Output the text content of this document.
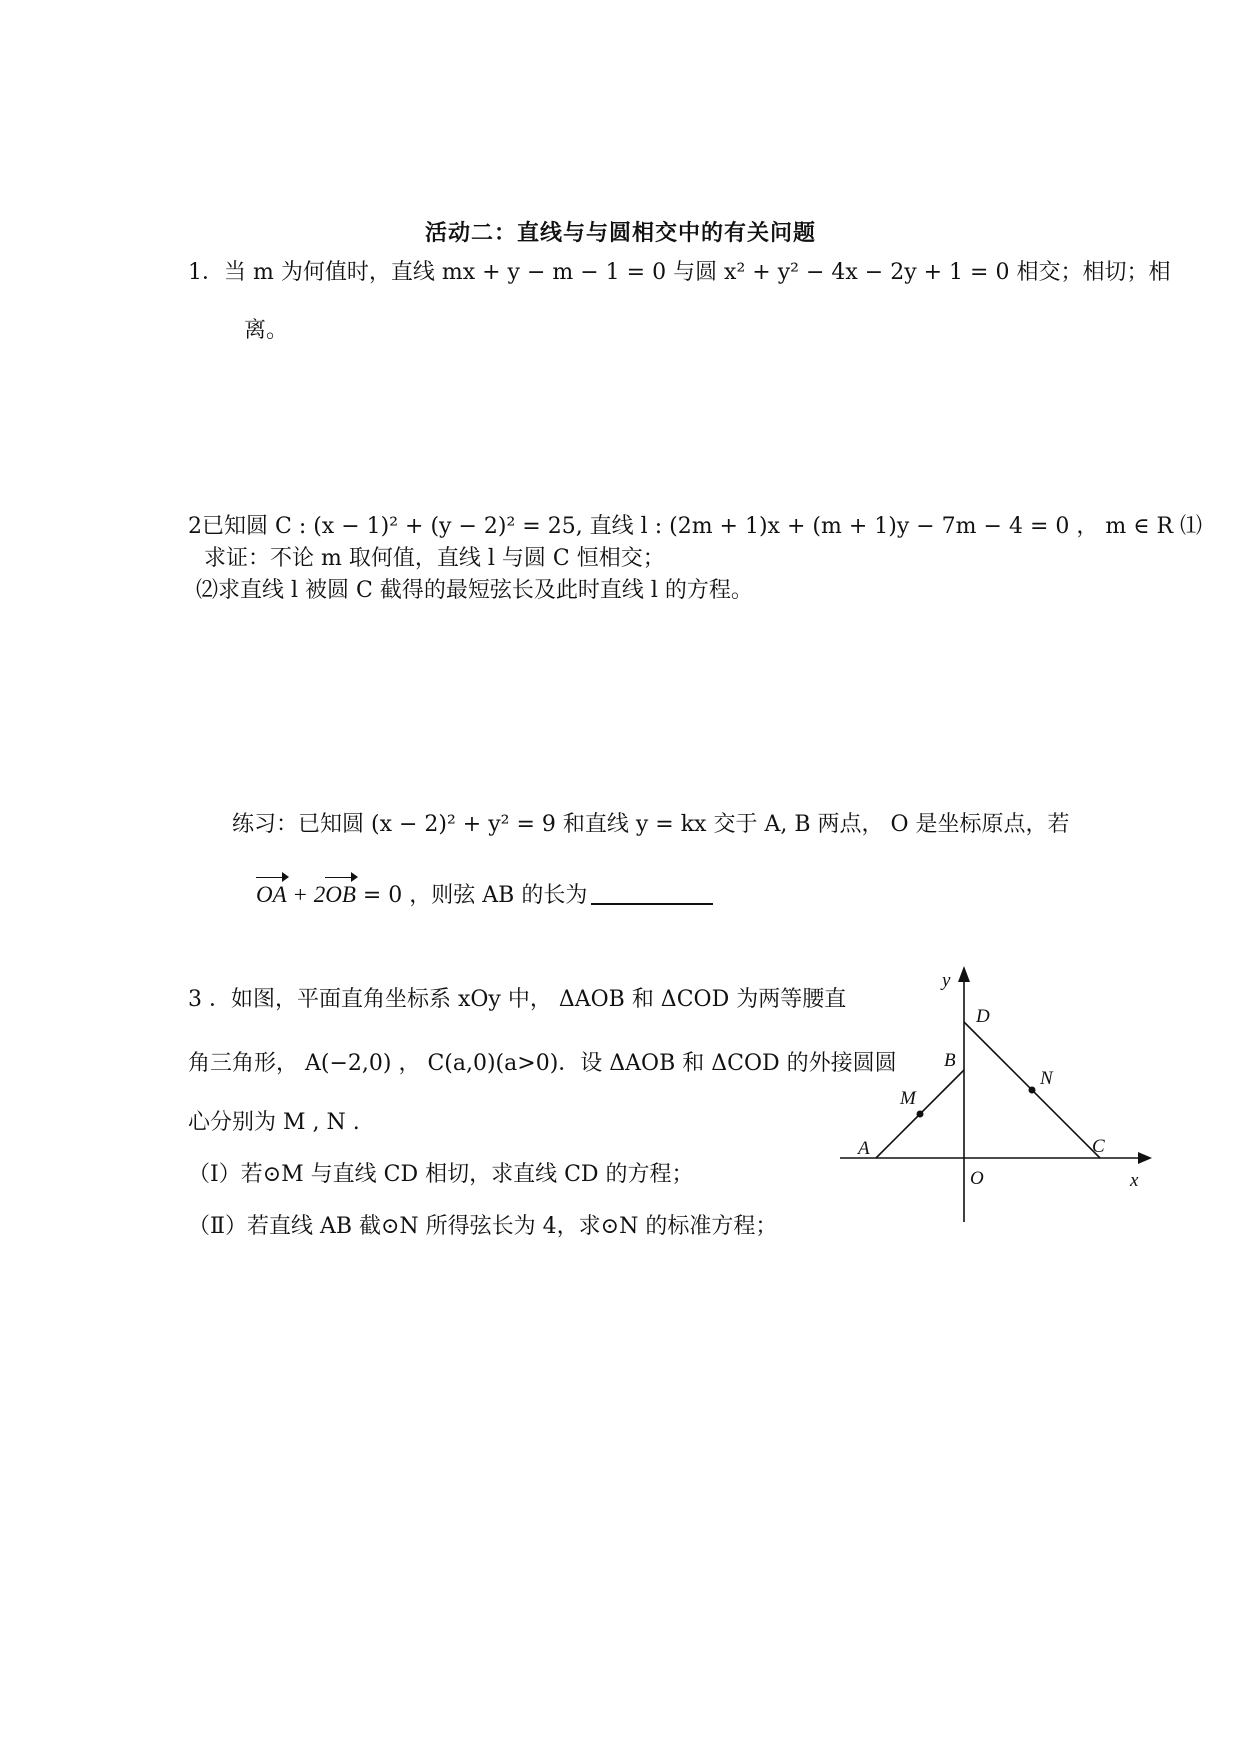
活动二：直线与与圆相交中的有关问题
1．当 m 为何值时，直线 mx + y − m − 1 = 0 与圆 x² + y² − 4x − 2y + 1 = 0 相交；相切；相
离。
2已知圆 C : (x − 1)² + (y − 2)² = 25, 直线 l : (2m + 1)x + (m + 1)y − 7m − 4 = 0 ， m ∈ R ⑴
求证：不论 m 取何值，直线 l 与圆 C 恒相交；
⑵求直线 l 被圆 C 截得的最短弦长及此时直线 l 的方程。
练习：已知圆 (x − 2)² + y² = 9 和直线 y = kx 交于 A, B 两点， O 是坐标原点，若
OA + 2OB = 0 ，则弦 AB 的长为
3 ．如图，平面直角坐标系 xOy 中， ΔAOB 和 ΔCOD 为两等腰直
角三角形， A(−2,0) ， C(a,0)(a>0)．设 ΔAOB 和 ΔCOD 的外接圆圆
心分别为 M , N .
（Ⅰ）若⊙M 与直线 CD 相切，求直线 CD 的方程；
（Ⅱ）若直线 AB 截⊙N 所得弦长为 4，求⊙N 的标准方程；
y
x
O
A
B
C
D
M
N
